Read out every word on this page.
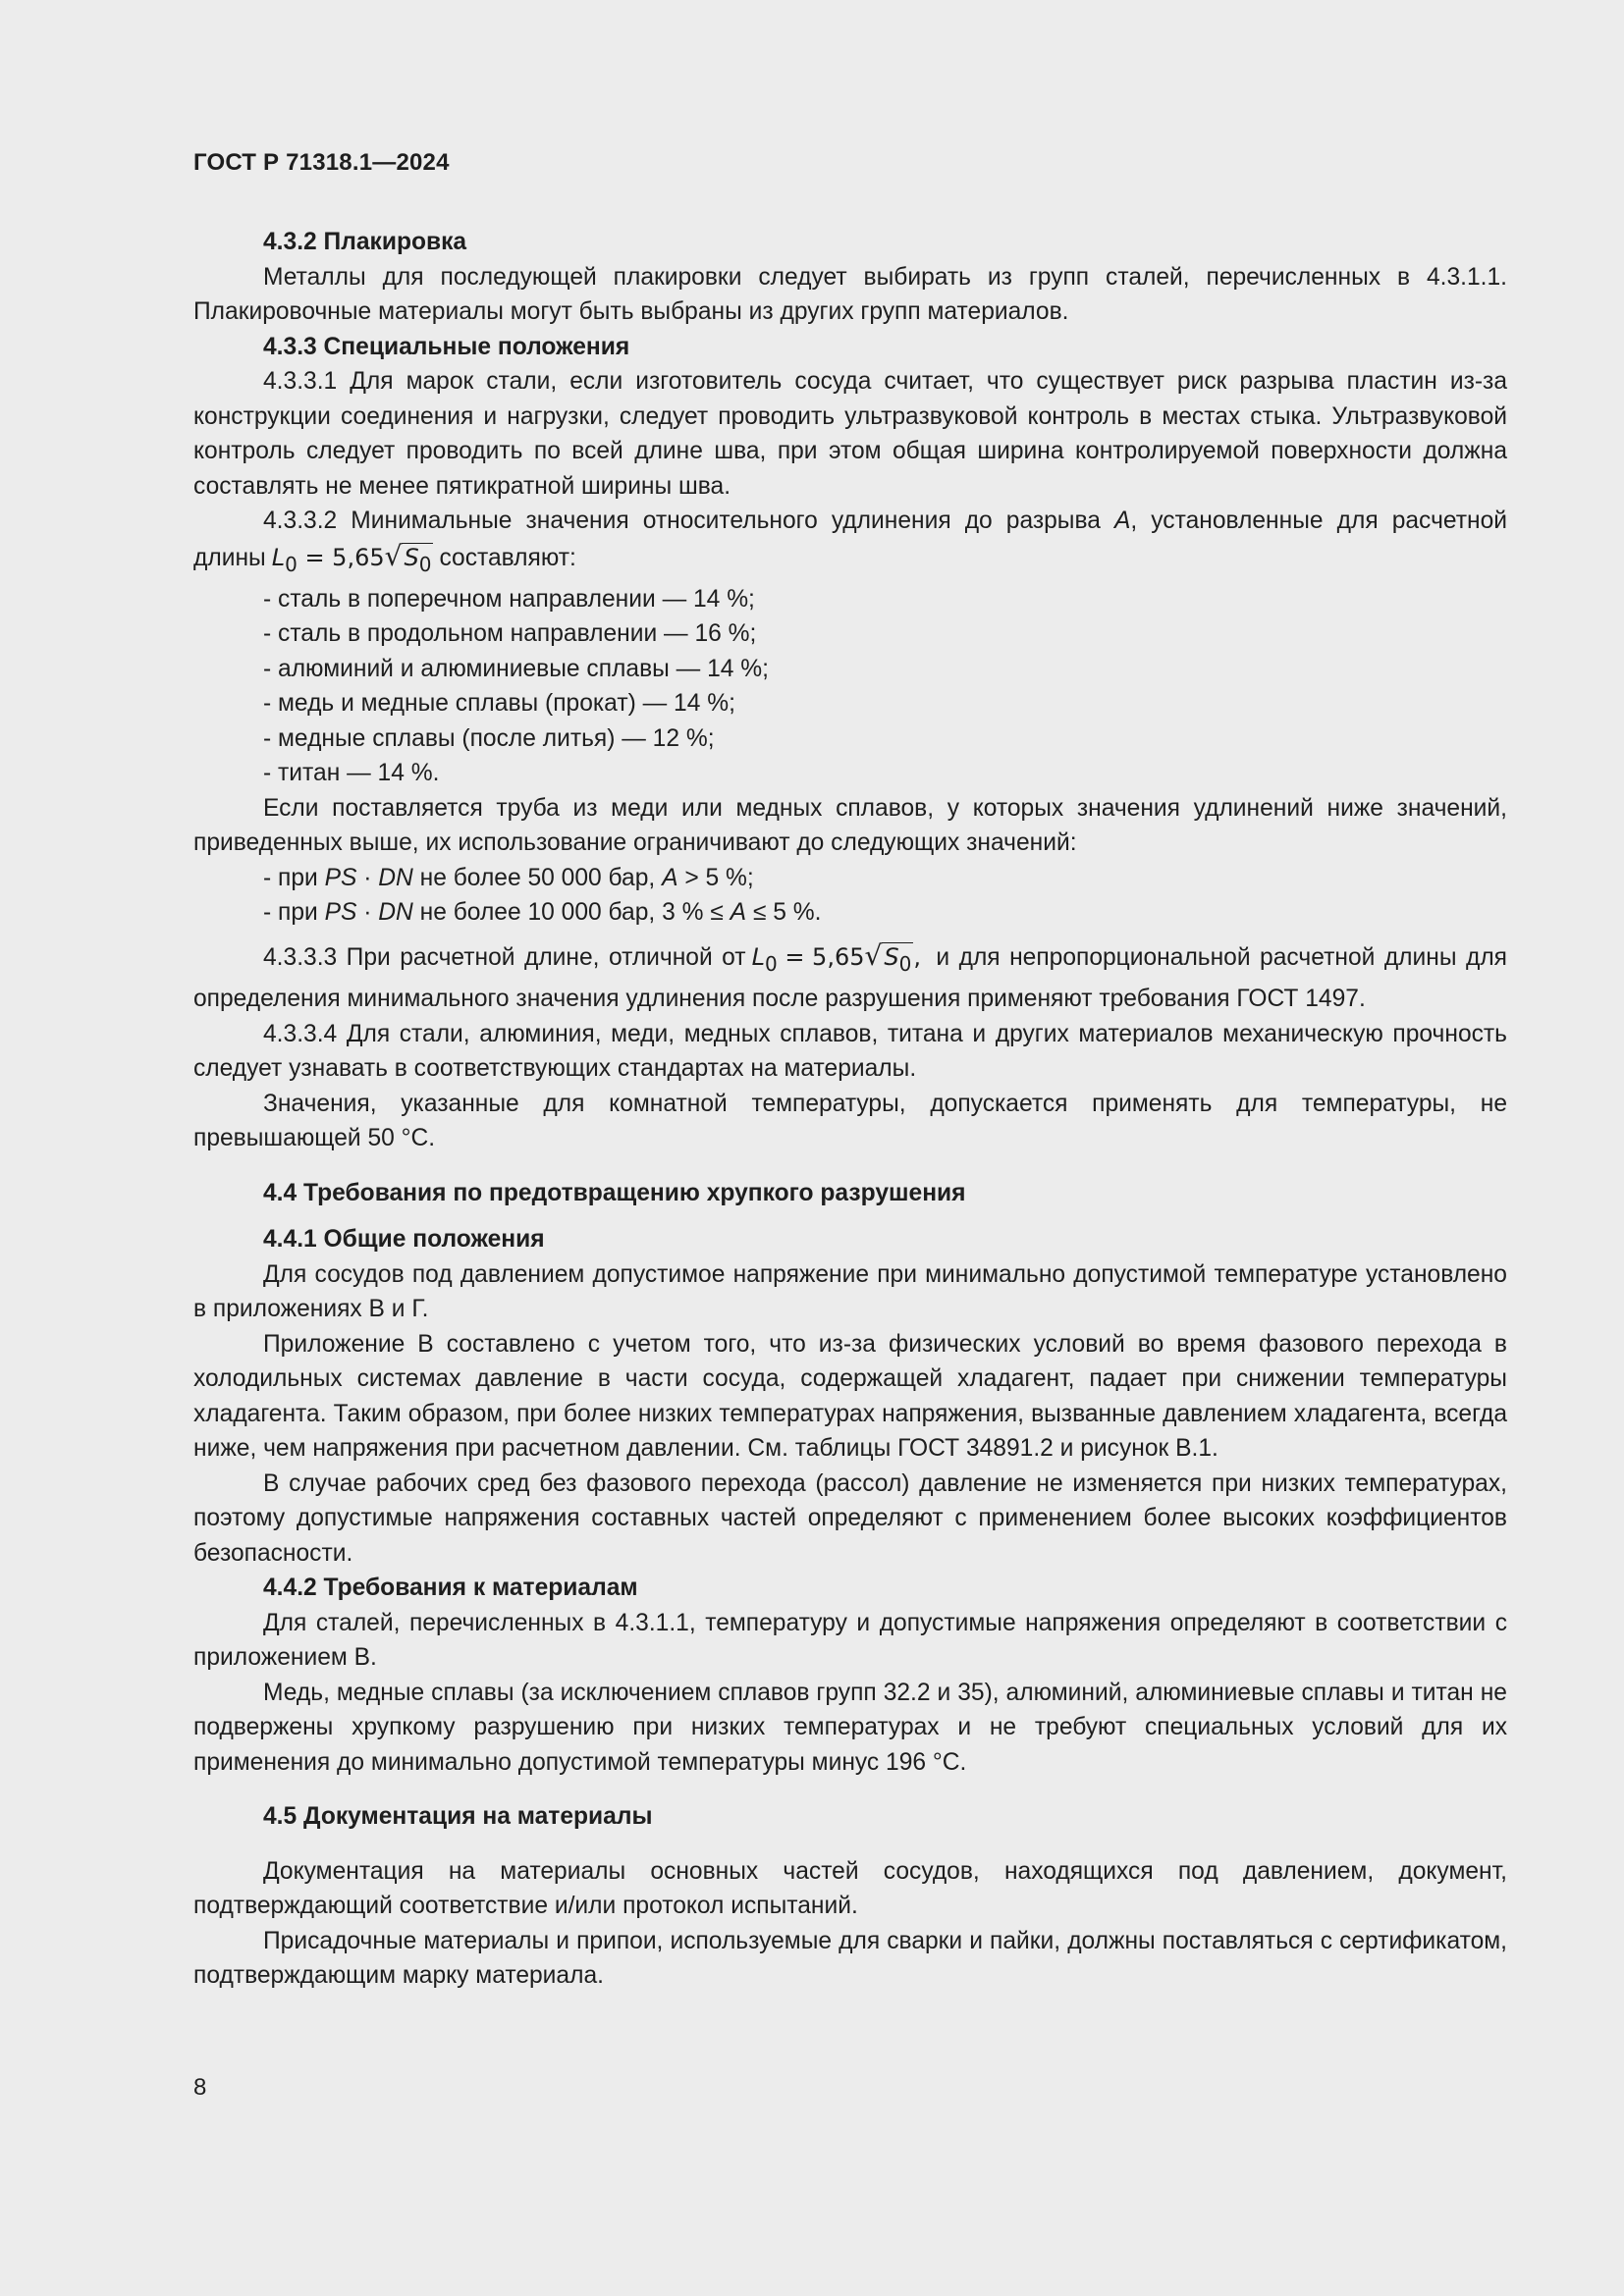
ГОСТ Р 71318.1—2024

4.3.2 Плакировка

Металлы для последующей плакировки следует выбирать из групп сталей, перечисленных в 4.3.1.1. Плакировочные материалы могут быть выбраны из других групп материалов.

4.3.3 Специальные положения

4.3.3.1 Для марок стали, если изготовитель сосуда считает, что существует риск разрыва пластин из-за конструкции соединения и нагрузки, следует проводить ультразвуковой контроль в местах стыка. Ультразвуковой контроль следует проводить по всей длине шва, при этом общая ширина контролируемой поверхности должна составлять не менее пятикратной ширины шва.

4.3.3.2 Минимальные значения относительного удлинения до разрыва A, установленные для расчетной длины $L_0 = 5,65√S_0$ составляют:

- сталь в поперечном направлении — 14 %;

- сталь в продольном направлении — 16 %;

- алюминий и алюминиевые сплавы — 14 %;

- медь и медные сплавы (прокат) — 14 %;

- медные сплавы (после литья) — 12 %;

- титан — 14 %.

Если поставляется труба из меди или медных сплавов, у которых значения удлинений ниже значений, приведенных выше, их использование ограничивают до следующих значений:

- при PS · DN не более 50 000 бар, A > 5 %;

- при PS · DN не более 10 000 бар, 3 % ≤ A ≤ 5 %.

4.3.3.3 При расчетной длине, отличной от $L_0 = 5,65√S_0$, и для непропорциональной расчетной длины для определения минимального значения удлинения после разрушения применяют требования ГОСТ 1497.

4.3.3.4 Для стали, алюминия, меди, медных сплавов, титана и других материалов механическую прочность следует узнавать в соответствующих стандартах на материалы.

Значения, указанные для комнатной температуры, допускается применять для температуры, не превышающей 50 °С.

4.4 Требования по предотвращению хрупкого разрушения

4.4.1 Общие положения

Для сосудов под давлением допустимое напряжение при минимально допустимой температуре установлено в приложениях В и Г.

Приложение В составлено с учетом того, что из-за физических условий во время фазового перехода в холодильных системах давление в части сосуда, содержащей хладагент, падает при снижении температуры хладагента. Таким образом, при более низких температурах напряжения, вызванные давлением хладагента, всегда ниже, чем напряжения при расчетном давлении. См. таблицы ГОСТ 34891.2 и рисунок В.1.

В случае рабочих сред без фазового перехода (рассол) давление не изменяется при низких температурах, поэтому допустимые напряжения составных частей определяют с применением более высоких коэффициентов безопасности.

4.4.2 Требования к материалам

Для сталей, перечисленных в 4.3.1.1, температуру и допустимые напряжения определяют в соответствии с приложением В.

Медь, медные сплавы (за исключением сплавов групп 32.2 и 35), алюминий, алюминиевые сплавы и титан не подвержены хрупкому разрушению при низких температурах и не требуют специальных условий для их применения до минимально допустимой температуры минус 196 °С.

4.5 Документация на материалы

Документация на материалы основных частей сосудов, находящихся под давлением, документ, подтверждающий соответствие и/или протокол испытаний.

Присадочные материалы и припои, используемые для сварки и пайки, должны поставляться с сертификатом, подтверждающим марку материала.

8
